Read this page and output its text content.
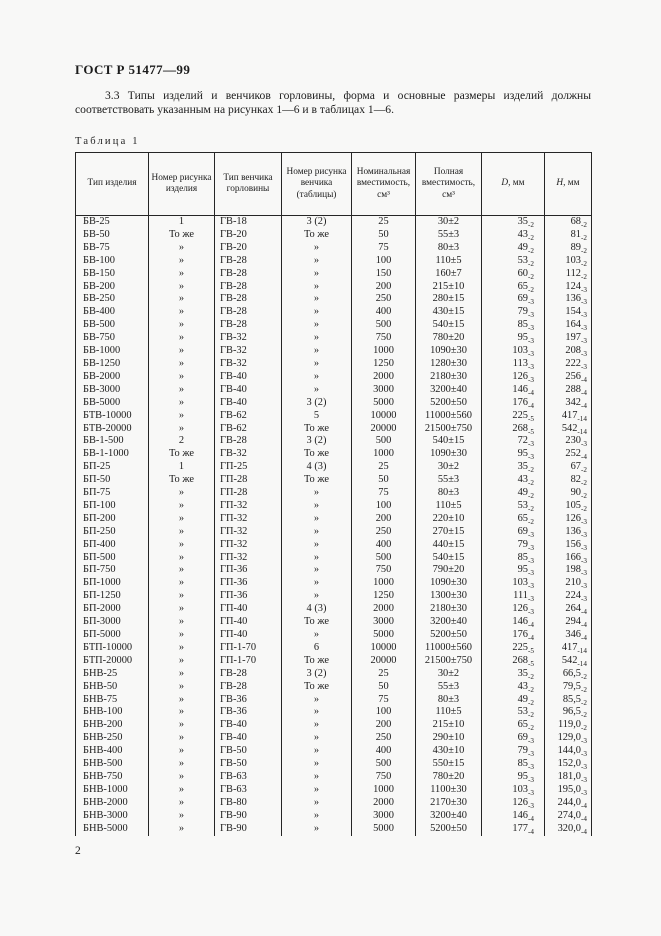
ГОСТ Р 51477—99

3.3 Типы изделий и венчиков горловины, форма и основные размеры изделий должны соответствовать указанным на рисунках 1—6 и в таблицах 1—6.

Таблица 1
Тип изделия	Номер рисунка изделия	Тип венчика горловины	Номер рисунка венчика (таблицы)	Номинальная вместимость, см³	Полная вместимость, см³	D, мм	H, мм
БВ-25	1	ГВ-18	3 (2)	25	30±2	$35_{-2}$	$68_{-2}$
БВ-50	То же	ГВ-20	То же	50	55±3	$43_{-2}$	$81_{-2}$
БВ-75	»	ГВ-20	»	75	80±3	$49_{-2}$	$89_{-2}$
БВ-100	»	ГВ-28	»	100	110±5	$53_{-2}$	$103_{-2}$
БВ-150	»	ГВ-28	»	150	160±7	$60_{-2}$	$112_{-2}$
БВ-200	»	ГВ-28	»	200	215±10	$65_{-2}$	$124_{-3}$
БВ-250	»	ГВ-28	»	250	280±15	$69_{-3}$	$136_{-3}$
БВ-400	»	ГВ-28	»	400	430±15	$79_{-3}$	$154_{-3}$
БВ-500	»	ГВ-28	»	500	540±15	$85_{-3}$	$164_{-3}$
БВ-750	»	ГВ-32	»	750	780±20	$95_{-3}$	$197_{-3}$
БВ-1000	»	ГВ-32	»	1000	1090±30	$103_{-3}$	$208_{-3}$
БВ-1250	»	ГВ-32	»	1250	1280±30	$113_{-3}$	$222_{-3}$
БВ-2000	»	ГВ-40	»	2000	2180±30	$126_{-3}$	$256_{-4}$
БВ-3000	»	ГВ-40	»	3000	3200±40	$146_{-4}$	$288_{-4}$
БВ-5000	»	ГВ-40	3 (2)	5000	5200±50	$176_{-4}$	$342_{-4}$
БТВ-10000	»	ГВ-62	5	10000	11000±560	$225_{-5}$	$417_{-14}$
БТВ-20000	»	ГВ-62	То же	20000	21500±750	$268_{-5}$	$542_{-14}$
БВ-1-500	2	ГВ-28	3 (2)	500	540±15	$72_{-3}$	$230_{-3}$
БВ-1-1000	То же	ГВ-32	То же	1000	1090±30	$95_{-3}$	$252_{-4}$
БП-25	1	ГП-25	4 (3)	25	30±2	$35_{-2}$	$67_{-2}$
БП-50	То же	ГП-28	То же	50	55±3	$43_{-2}$	$82_{-2}$
БП-75	»	ГП-28	»	75	80±3	$49_{-2}$	$90_{-2}$
БП-100	»	ГП-32	»	100	110±5	$53_{-2}$	$105_{-2}$
БП-200	»	ГП-32	»	200	220±10	$65_{-2}$	$126_{-3}$
БП-250	»	ГП-32	»	250	270±15	$69_{-3}$	$136_{-3}$
БП-400	»	ГП-32	»	400	440±15	$79_{-3}$	$156_{-3}$
БП-500	»	ГП-32	»	500	540±15	$85_{-3}$	$166_{-3}$
БП-750	»	ГП-36	»	750	790±20	$95_{-3}$	$198_{-3}$
БП-1000	»	ГП-36	»	1000	1090±30	$103_{-3}$	$210_{-3}$
БП-1250	»	ГП-36	»	1250	1300±30	$111_{-3}$	$224_{-3}$
БП-2000	»	ГП-40	4 (3)	2000	2180±30	$126_{-3}$	$264_{-4}$
БП-3000	»	ГП-40	То же	3000	3200±40	$146_{-4}$	$294_{-4}$
БП-5000	»	ГП-40	»	5000	5200±50	$176_{-4}$	$346_{-4}$
БТП-10000	»	ГП-1-70	6	10000	11000±560	$225_{-5}$	$417_{-14}$
БТП-20000	»	ГП-1-70	То же	20000	21500±750	$268_{-5}$	$542_{-14}$
БНВ-25	»	ГВ-28	3 (2)	25	30±2	$35_{-2}$	$66,5_{-2}$
БНВ-50	»	ГВ-28	То же	50	55±3	$43_{-2}$	$79,5_{-2}$
БНВ-75	»	ГВ-36	»	75	80±3	$49_{-2}$	$85,5_{-2}$
БНВ-100	»	ГВ-36	»	100	110±5	$53_{-2}$	$96,5_{-2}$
БНВ-200	»	ГВ-40	»	200	215±10	$65_{-2}$	$119,0_{-2}$
БНВ-250	»	ГВ-40	»	250	290±10	$69_{-3}$	$129,0_{-3}$
БНВ-400	»	ГВ-50	»	400	430±10	$79_{-3}$	$144,0_{-3}$
БНВ-500	»	ГВ-50	»	500	550±15	$85_{-3}$	$152,0_{-3}$
БНВ-750	»	ГВ-63	»	750	780±20	$95_{-3}$	$181,0_{-3}$
БНВ-1000	»	ГВ-63	»	1000	1100±30	$103_{-3}$	$195,0_{-3}$
БНВ-2000	»	ГВ-80	»	2000	2170±30	$126_{-3}$	$244,0_{-4}$
БНВ-3000	»	ГВ-90	»	3000	3200±40	$146_{-4}$	$274,0_{-4}$
БНВ-5000	»	ГВ-90	»	5000	5200±50	$177_{-4}$	$320,0_{-4}$
2
